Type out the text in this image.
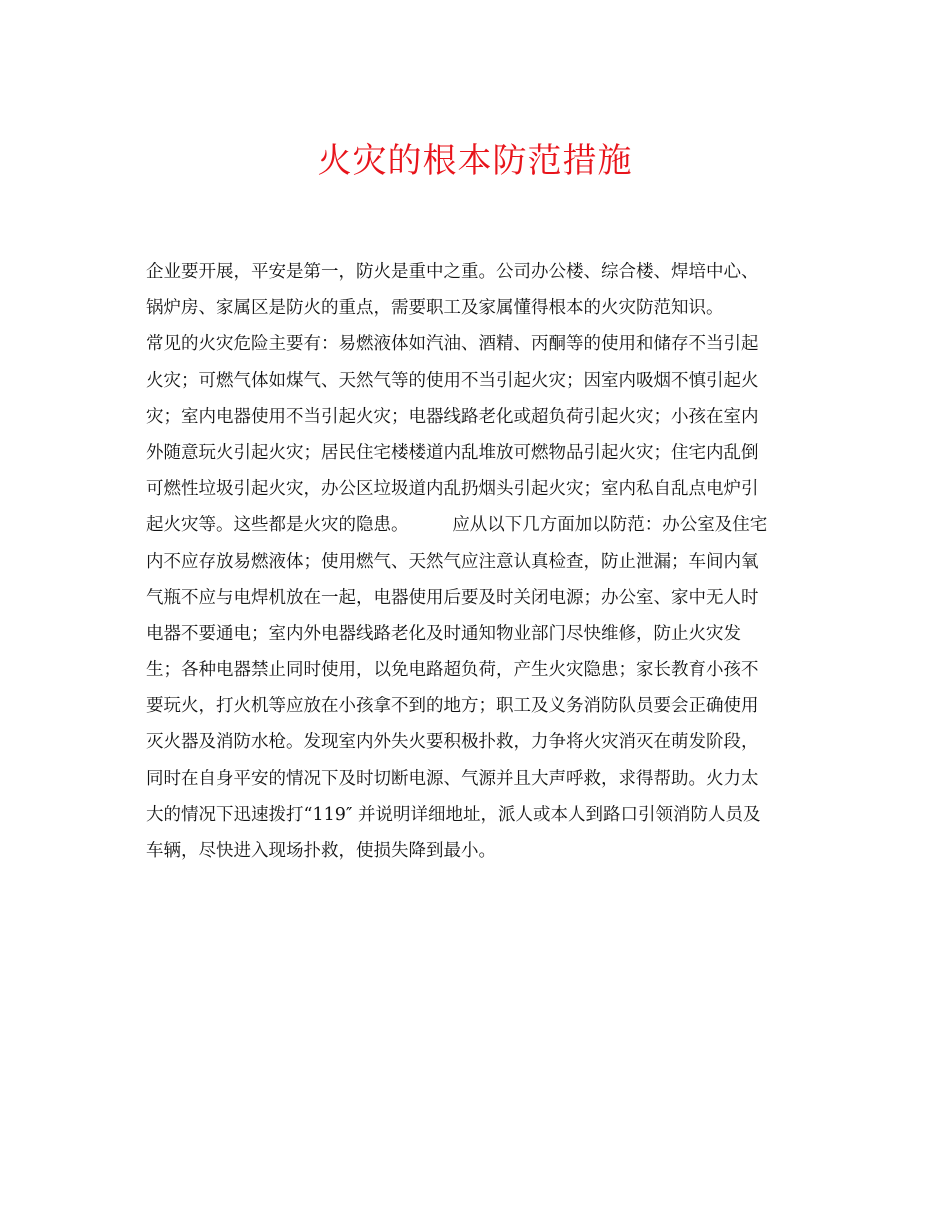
火灾的根本防范措施
企业要开展，平安是第一，防火是重中之重。公司办公楼、综合楼、焊培中心、
锅炉房、家属区是防火的重点，需要职工及家属懂得根本的火灾防范知识。
常见的火灾危险主要有：易燃液体如汽油、酒精、丙酮等的使用和储存不当引起
火灾；可燃气体如煤气、天然气等的使用不当引起火灾；因室内吸烟不慎引起火
灾；室内电器使用不当引起火灾；电器线路老化或超负荷引起火灾；小孩在室内
外随意玩火引起火灾；居民住宅楼楼道内乱堆放可燃物品引起火灾；住宅内乱倒
可燃性垃圾引起火灾，办公区垃圾道内乱扔烟头引起火灾；室内私自乱点电炉引
起火灾等。这些都是火灾的隐患。　　　应从以下几方面加以防范：办公室及住宅
内不应存放易燃液体；使用燃气、天然气应注意认真检查，防止泄漏；车间内氧
气瓶不应与电焊机放在一起，电器使用后要及时关闭电源；办公室、家中无人时
电器不要通电；室内外电器线路老化及时通知物业部门尽快维修，防止火灾发
生；各种电器禁止同时使用，以免电路超负荷，产生火灾隐患；家长教育小孩不
要玩火，打火机等应放在小孩拿不到的地方；职工及义务消防队员要会正确使用
灭火器及消防水枪。发现室内外失火要积极扑救，力争将火灾消灭在萌发阶段，
同时在自身平安的情况下及时切断电源、气源并且大声呼救，求得帮助。火力太
大的情况下迅速拨打“119″ 并说明详细地址，派人或本人到路口引领消防人员及
车辆，尽快进入现场扑救，使损失降到最小。
